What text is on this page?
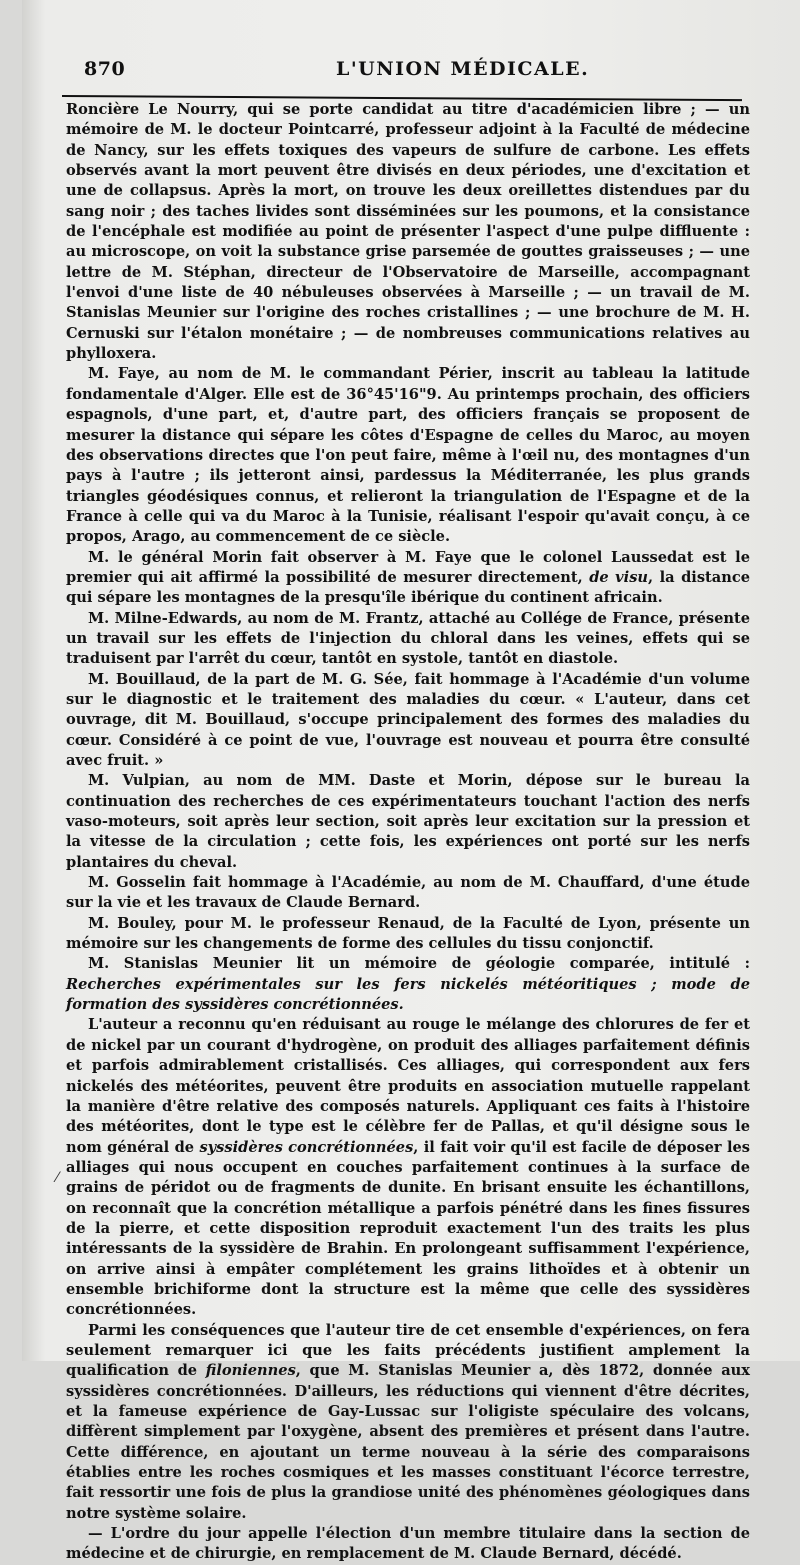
870	L'UNION MÉDICALE.
⁄

Roncière Le Nourry, qui se porte candidat au titre d'académicien libre ; — un mémoire de M. le docteur Pointcarré, professeur adjoint à la Faculté de médecine de Nancy, sur les effets toxiques des vapeurs de sulfure de carbone. Les effets observés avant la mort peuvent être divisés en deux périodes, une d'excitation et une de collapsus. Après la mort, on trouve les deux oreillettes distendues par du sang noir ; des taches livides sont disséminées sur les poumons, et la consistance de l'encéphale est modifiée au point de présenter l'aspect d'une pulpe diffluente : au microscope, on voit la substance grise parsemée de gouttes graisseuses ; — une lettre de M. Stéphan, directeur de l'Observatoire de Marseille, accompagnant l'envoi d'une liste de 40 nébuleuses observées à Marseille ; — un travail de M. Stanislas Meunier sur l'origine des roches cristallines ; — une brochure de M. H. Cernuski sur l'étalon monétaire ; — de nombreuses communications relatives au phylloxera.

M. Faye, au nom de M. le commandant Périer, inscrit au tableau la latitude fondamentale d'Alger. Elle est de 36°45'16"9. Au printemps prochain, des officiers espagnols, d'une part, et, d'autre part, des officiers français se proposent de mesurer la distance qui sépare les côtes d'Espagne de celles du Maroc, au moyen des observations directes que l'on peut faire, même à l'œil nu, des montagnes d'un pays à l'autre ; ils jetteront ainsi, pardessus la Méditerranée, les plus grands triangles géodésiques connus, et relieront la triangulation de l'Espagne et de la France à celle qui va du Maroc à la Tunisie, réalisant l'espoir qu'avait conçu, à ce propos, Arago, au commencement de ce siècle.

M. le général Morin fait observer à M. Faye que le colonel Laussedat est le premier qui ait affirmé la possibilité de mesurer directement, de visu, la distance qui sépare les montagnes de la presqu'île ibérique du continent africain.

M. Milne-Edwards, au nom de M. Frantz, attaché au Collége de France, présente un travail sur les effets de l'injection du chloral dans les veines, effets qui se traduisent par l'arrêt du cœur, tantôt en systole, tantôt en diastole.

M. Bouillaud, de la part de M. G. Sée, fait hommage à l'Académie d'un volume sur le diagnostic et le traitement des maladies du cœur. « L'auteur, dans cet ouvrage, dit M. Bouillaud, s'occupe principalement des formes des maladies du cœur. Considéré à ce point de vue, l'ouvrage est nouveau et pourra être consulté avec fruit. »

M. Vulpian, au nom de MM. Daste et Morin, dépose sur le bureau la continuation des recherches de ces expérimentateurs touchant l'action des nerfs vaso-moteurs, soit après leur section, soit après leur excitation sur la pression et la vitesse de la circulation ; cette fois, les expériences ont porté sur les nerfs plantaires du cheval.

M. Gosselin fait hommage à l'Académie, au nom de M. Chauffard, d'une étude sur la vie et les travaux de Claude Bernard.

M. Bouley, pour M. le professeur Renaud, de la Faculté de Lyon, présente un mémoire sur les changements de forme des cellules du tissu conjonctif.

M. Stanislas Meunier lit un mémoire de géologie comparée, intitulé : Recherches expérimentales sur les fers nickelés météoritiques ; mode de formation des syssidères concrétionnées.

L'auteur a reconnu qu'en réduisant au rouge le mélange des chlorures de fer et de nickel par un courant d'hydrogène, on produit des alliages parfaitement définis et parfois admirablement cristallisés. Ces alliages, qui correspondent aux fers nickelés des météorites, peuvent être produits en association mutuelle rappelant la manière d'être relative des composés naturels. Appliquant ces faits à l'histoire des météorites, dont le type est le célèbre fer de Pallas, et qu'il désigne sous le nom général de syssidères concrétionnées, il fait voir qu'il est facile de déposer les alliages qui nous occupent en couches parfaitement continues à la surface de grains de péridot ou de fragments de dunite. En brisant ensuite les échantillons, on reconnaît que la concrétion métallique a parfois pénétré dans les fines fissures de la pierre, et cette disposition reproduit exactement l'un des traits les plus intéressants de la syssidère de Brahin. En prolongeant suffisamment l'expérience, on arrive ainsi à empâter complétement les grains lithoïdes et à obtenir un ensemble brichiforme dont la structure est la même que celle des syssidères concrétionnées.

Parmi les conséquences que l'auteur tire de cet ensemble d'expériences, on fera seulement remarquer ici que les faits précédents justifient amplement la qualification de filoniennes, que M. Stanislas Meunier a, dès 1872, donnée aux syssidères concrétionnées. D'ailleurs, les réductions qui viennent d'être décrites, et la fameuse expérience de Gay-Lussac sur l'oligiste spéculaire des volcans, diffèrent simplement par l'oxygène, absent des premières et présent dans l'autre. Cette différence, en ajoutant un terme nouveau à la série des comparaisons établies entre les roches cosmiques et les masses constituant l'écorce terrestre, fait ressortir une fois de plus la grandiose unité des phénomènes géologiques dans notre système solaire.

— L'ordre du jour appelle l'élection d'un membre titulaire dans la section de médecine et de chirurgie, en remplacement de M. Claude Bernard, décédé.
